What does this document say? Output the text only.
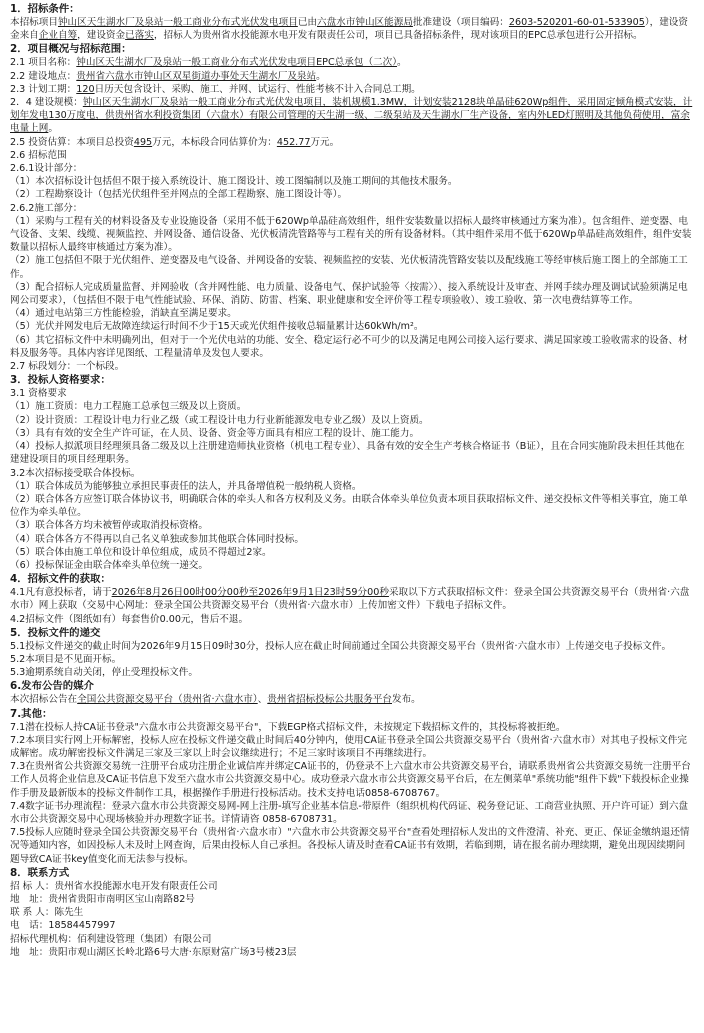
1．招标条件：

本招标项目钟山区天生湖水厂及泉站一般工商业分布式光伏发电项目已由六盘水市钟山区能源局批准建设（项目编码：2603-520201-60-01-533905），建设资金来自企业自筹，建设资金已落实，招标人为贵州省水投能源水电开发有限责任公司，项目已具备招标条件，现对该项目的EPC总承包进行公开招标。

2．项目概况与招标范围：

2.1 项目名称：钟山区天生湖水厂及泉站一般工商业分布式光伏发电项目EPC总承包（二次）。

2.2 建设地点：贵州省六盘水市钟山区双星街道办事处天生湖水厂及泉站。

2.3 计划工期：120日历天包含设计、采购、施工、并网、试运行、性能考核不计入合同总工期。

2．4 建设规模：钟山区天生湖水厂及泉站一般工商业分布式光伏发电项目，装机规模1.3MW，计划安装2128块单晶硅620Wp组件，采用固定倾角模式安装，计划年发电130万度电，供贵州省水利投资集团（六盘水）有限公司管理的天生湖一级、二级泵站及天生湖水厂生产设备，室内外LED灯照明及其他负荷使用，富余电量上网。

2.5 投资估算：本项目总投资495万元，本标段合同估算价为：452.77万元。

2.6 招标范围

2.6.1设计部分：

（1）本次招标设计包括但不限于接入系统设计、施工图设计、竣工图编制以及施工期间的其他技术服务。

（2）工程勘察设计（包括光伏组件至并网点的全部工程勘察、施工图设计等）。

2.6.2施工部分：

（1）采购与工程有关的材料设备及专业设施设备（采用不低于620Wp单晶硅高效组件，组件安装数量以招标人最终审核通过方案为准）。包含组件、逆变器、电气设备、支架、线缆、视频监控、并网设备、通信设备、光伏板清洗管路等与工程有关的所有设备材料。（其中组件采用不低于620Wp单晶硅高效组件，组件安装数量以招标人最终审核通过方案为准）。

（2）施工包括但不限于光伏组件、逆变器及电气设备、并网设备的安装、视频监控的安装、光伏板清洗管路安装以及配线施工等经审核后施工图上的全部施工工作。

（3）配合招标人完成质量监督、并网验收（含并网性能、电力质量、设备电气、保护试验等〈按需〉）、接入系统设计及审查、并网手续办理及调试试验须满足电网公司要求），（包括但不限于电气性能试验、环保、消防、防雷、档案、职业健康和安全评价等工程专项验收）、竣工验收、第一次电费结算等工作。

（4）通过电站第三方性能检验，消缺直至满足要求。

（5）光伏并网发电后无故障连续运行时间不少于15天或光伏组件接收总辐量累计达60kWh/m²。

（6）其它招标文件中未明确列出，但对于一个光伏电站的功能、安全、稳定运行必不可少的以及满足电网公司接入运行要求、满足国家竣工验收需求的设备、材料及服务等。具体内容详见图纸、工程量清单及发包人要求。

2.7 标段划分：一个标段。

3．投标人资格要求：

3.1 资格要求

（1）施工资质：电力工程施工总承包三级及以上资质。

（2）设计资质：工程设计电力行业乙级（或工程设计电力行业新能源发电专业乙级）及以上资质。

（3）具有有效的安全生产许可证，在人员、设备、资金等方面具有相应工程的设计、施工能力。

（4）投标人拟派项目经理须具备二级及以上注册建造师执业资格（机电工程专业）、具备有效的安全生产考核合格证书（B证），且在合同实施阶段未担任其他在建建设项目的项目经理职务。

3.2本次招标接受联合体投标。

（1）联合体成员为能够独立承担民事责任的法人，并具备增值税一般纳税人资格。

（2）联合体各方应签订联合体协议书，明确联合体的牵头人和各方权利及义务。由联合体牵头单位负责本项目获取招标文件、递交投标文件等相关事宜，施工单位作为牵头单位。

（3）联合体各方均未被暂停或取消投标资格。

（4）联合体各方不得再以自己名义单独或参加其他联合体同时投标。

（5）联合体由施工单位和设计单位组成，成员不得超过2家。

（6）投标保证金由联合体牵头单位统一递交。

4．招标文件的获取：

4.1凡有意投标者，请于2026年8月26日00时00分00秒至2026年9月1日23时59分00秒采取以下方式获取招标文件：登录全国公共资源交易平台（贵州省·六盘水市）网上获取（交易中心网址：登录全国公共资源交易平台（贵州省·六盘水市）上传加密文件）下载电子招标文件。

4.2招标文件（图纸如有）每套售价0.00元，售后不退。

5．投标文件的递交

5.1投标文件递交的截止时间为2026年9月15日09时30分，投标人应在截止时间前通过全国公共资源交易平台（贵州省·六盘水市）上传递交电子投标文件。

5.2本项目是不见面开标。

5.3逾期系统自动关闭，停止受理投标文件。

6.发布公告的媒介

本次招标公告在全国公共资源交易平台（贵州省·六盘水市）、贵州省招标投标公共服务平台发布。

7.其他：

7.1潜在投标人持CA证书登录"六盘水市公共资源交易平台"，下载EGP格式招标文件，未按规定下载招标文件的，其投标将被拒绝。

7.2本项目实行网上开标解密，投标人应在投标文件递交截止时间后40分钟内，使用CA证书登录全国公共资源交易平台（贵州省·六盘水市）对其电子投标文件完成解密。成功解密投标文件满足三家及三家以上时会议继续进行；不足三家时该项目不再继续进行。

7.3在贵州省公共资源交易统一注册平台成功注册企业诚信库并绑定CA证书的，仍登录不上六盘水市公共资源交易平台，请联系贵州省公共资源交易统一注册平台工作人员将企业信息及CA证书信息下发至六盘水市公共资源交易中心。成功登录六盘水市公共资源交易平台后，在左侧菜单"系统功能"组件下载"下载投标企业操作手册及最新版本的投标文件制作工具，根据操作手册进行投标活动。技术支持电话0858-6708767。

7.4数字证书办理流程：登录六盘水市公共资源交易网-网上注册-填写企业基本信息-带原件（组织机构代码证、税务登记证、工商营业执照、开户许可证）到六盘水市公共资源交易中心现场核验并办理数字证书。详情请咨 0858-6708731。

7.5投标人应随时登录全国公共资源交易平台（贵州省·六盘水市）"六盘水市公共资源交易平台"查看处理招标人发出的文件澄清、补充、更正、保证金缴纳退还情况等通知内容，如因投标人未及时上网查询，后果由投标人自己承担。各投标人请及时查看CA证书有效期，若临到期，请在报名前办理续期，避免出现因续期问题导致CA证书key值变化而无法参与投标。

8．联系方式

招 标 人：贵州省水投能源水电开发有限责任公司

地　址：贵州省贵阳市南明区宝山南路82号

联 系 人：陈先生

电　话：18584457997

招标代理机构：佰利建设管理（集团）有限公司

地　址：贵阳市观山湖区长岭北路6号大唐·东原财富广场3号楼23层
